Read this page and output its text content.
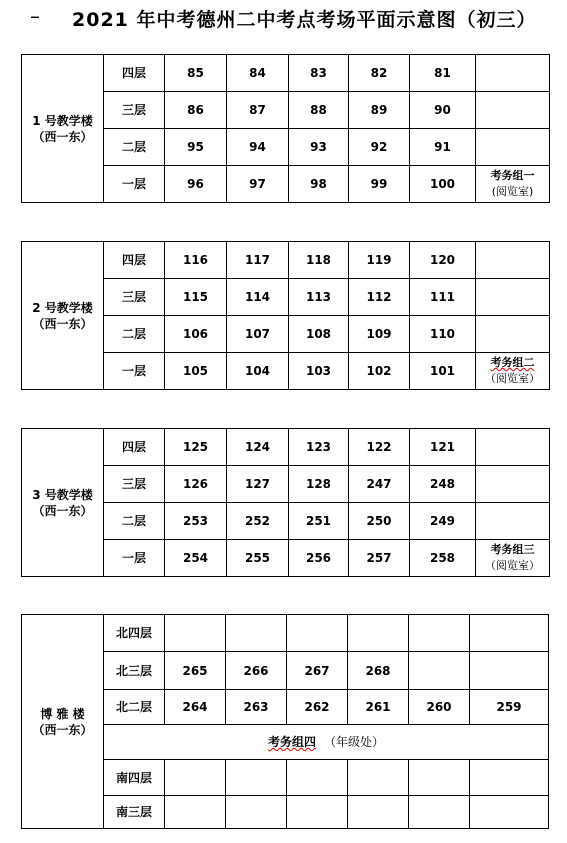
– 2021 年中考德州二中考点考场平面示意图（初三）
1 号教学楼
（西一东）	四层	85	84	83	82	81	
	三层	86	87	88	89	90	
	二层	95	94	93	92	91	
	一层	96	97	98	99	100	考务组一
(阅览室)
2 号教学楼
（西一东）	四层	116	117	118	119	120	
	三层	115	114	113	112	111	
	二层	106	107	108	109	110	
	一层	105	104	103	102	101	考务组二
（阅览室）
3 号教学楼
（西一东）	四层	125	124	123	122	121	
	三层	126	127	128	247	248	
	二层	253	252	251	250	249	
	一层	254	255	256	257	258	考务组三
（阅览室）
博 雅 楼
（西一东）	北四层						
	北三层	265	266	267	268		
	北二层	264	263	262	261	260	259
	考务组四 （年级处）						
	南四层						
	南三层						
